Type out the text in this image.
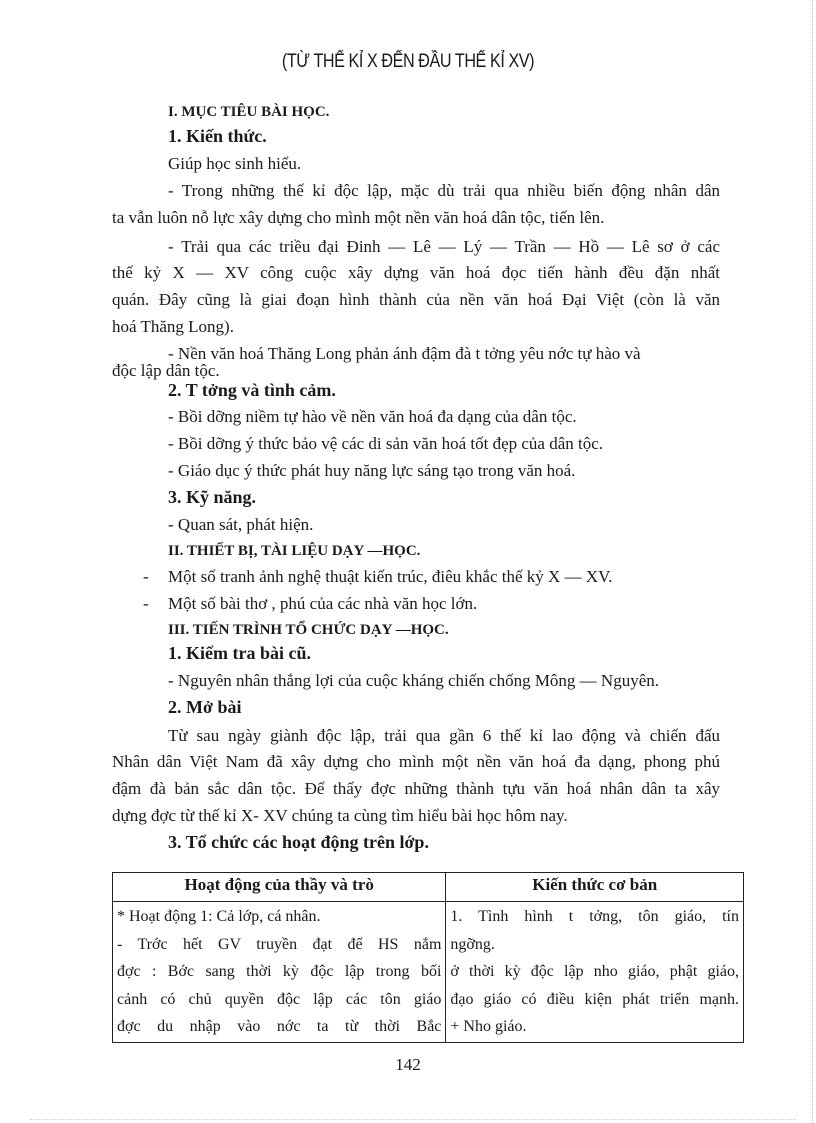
(TỪ THẾ KỈ X ĐẾN ĐẦU THẾ KỈ XV)
I. MỤC TIÊU BÀI HỌC.
1. Kiến thức.
Giúp học sinh hiểu.
- Trong những thế kỉ độc lập, mặc dù trải qua nhiều biến động nhân dân
ta vẫn luôn nỗ lực xây dựng cho mình một nền văn hoá dân tộc, tiến lên.
- Trải qua các triều đại Đinh — Lê — Lý — Trần — Hồ — Lê sơ ở các
thế kỷ X — XV công cuộc xây dựng văn hoá đọc tiến hành đều đặn nhất
quán. Đây cũng là giai đoạn hình thành của nền văn hoá Đại Việt (còn là văn
hoá Thăng Long).
- Nền văn hoá Thăng Long phản ánh đậm đà t tởng yêu nớc tự hào và
độc lập dân tộc.
2. T tởng và tình cảm.
- Bồi dỡng niềm tự hào về nền văn hoá đa dạng của dân tộc.
- Bồi dỡng ý thức bảo vệ các di sản văn hoá tốt đẹp của dân tộc.
- Giáo dục ý thức phát huy năng lực sáng tạo trong văn hoá.
3. Kỹ năng.
- Quan sát, phát hiện.
II. THIẾT BỊ, TÀI LIỆU DẠY —HỌC.
- Một số tranh ảnh nghệ thuật kiến trúc, điêu khắc thế kỷ X — XV.
- Một số bài thơ , phú của các nhà văn học lớn.
III. TIẾN TRÌNH TỔ CHỨC DẠY —HỌC.
1. Kiểm tra bài cũ.
- Nguyên nhân thắng lợi của cuộc kháng chiến chống Mông — Nguyên.
2. Mở bài
Từ sau ngày giành độc lập, trải qua gần 6 thế kỉ lao động và chiến đấu
Nhân dân Việt Nam đã xây dựng cho mình một nền văn hoá đa dạng, phong phú
đậm đà bản sắc dân tộc. Để thấy đợc những thành tựu văn hoá nhân dân ta xây
dựng đợc từ thế kỉ X- XV chúng ta cùng tìm hiểu bài học hôm nay.
3. Tổ chức các hoạt động trên lớp.
Hoạt động của thầy và trò	Kiến thức cơ bản

* Hoạt động 1: Cả lớp, cá nhân.
- Trớc hết GV truyền đạt để HS nắm
đợc : Bớc sang thời kỳ độc lập trong bối
cảnh có chủ quyền độc lập các tôn giáo
đợc du nhập vào nớc ta từ thời Bắc	1. Tình hình t tởng, tôn giáo, tín
ngỡng.
ở thời kỳ độc lập nho giáo, phật giáo,
đạo giáo có điều kiện phát triển mạnh.
+ Nho giáo.
142
